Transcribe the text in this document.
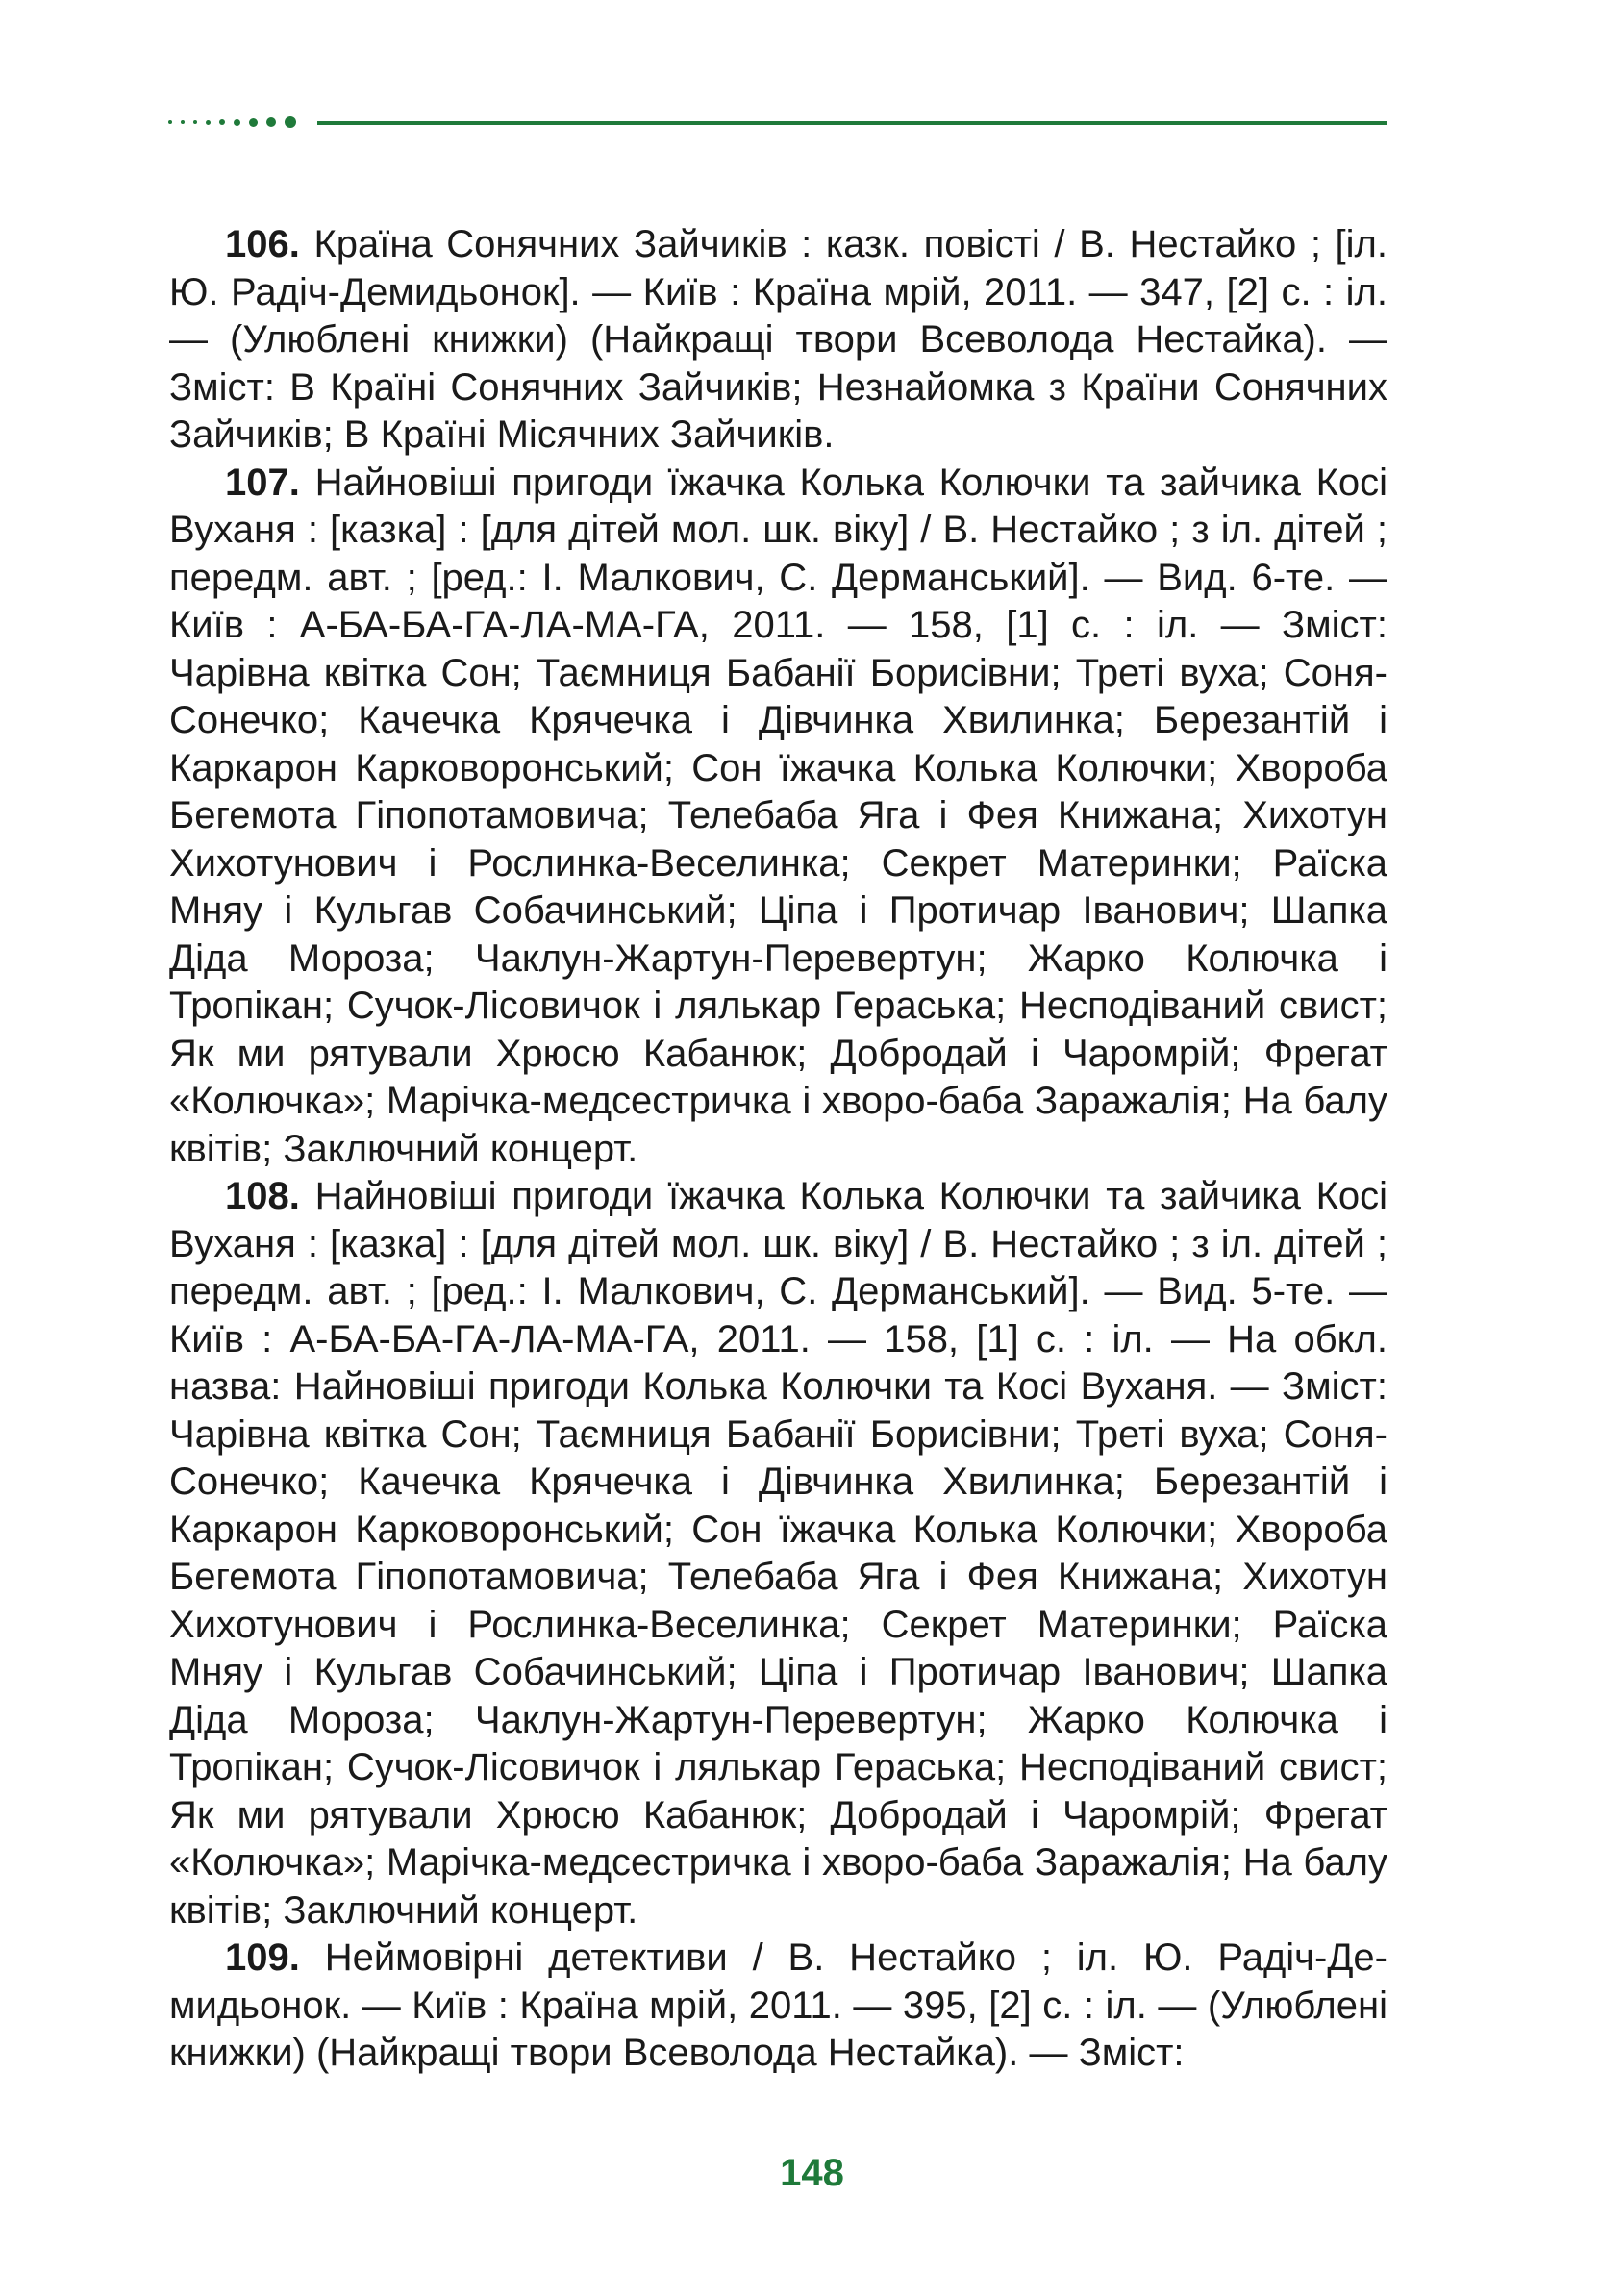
106. Країна Сонячних Зайчиків : казк. повісті / В. Нестайко ; [іл. Ю. Радіч-Демидьонок]. — Київ : Країна мрій, 2011. — 347, [2] с. : іл. — (Улюблені книжки) (Найкращі твори Всеволода Нестайка). — Зміст: В Країні Сонячних Зайчиків; Незнайомка з Країни Сонячних Зайчиків; В Країні Місячних Зайчиків.

107. Найновіші пригоди їжачка Колька Колючки та зайчика Косі Вуханя : [казка] : [для дітей мол. шк. віку] / В. Нестайко ; з іл. дітей ; передм. авт. ; [ред.: І. Малкович, С. Дерманський]. — Вид. 6-те. — Київ : А-БА-БА-ГА-ЛА-МА-ГА, 2011. — 158, [1] с. : іл. — Зміст: Чарівна квітка Сон; Таємниця Бабанії Борисівни; Треті вуха; Соня-Сонечко; Качечка Крячечка і Дівчинка Хвилинка; Березантій і Каркарон Карковоронський; Сон їжачка Колька Колючки; Хвороба Бегемота Гіпопотамовича; Телебаба Яга і Фея Книжана; Хихотун Хихотунович і Рослинка-Веселинка; Секрет Материнки; Раїска Мняу і Кульгав Собачинський; Ціпа і Протичар Іванович; Шапка Діда Мороза; Чаклун-Жартун-Перевертун; Жарко Колючка і Тропікан; Сучок-Лісовичок і лялькар Гераська; Несподіваний свист; Як ми рятували Хрюсю Кабанюк; Добродай і Чаромрій; Фрегат «Колючка»; Марічка-медсестричка і хворо-баба Заражалія; На балу квітів; Заключний концерт.

108. Найновіші пригоди їжачка Колька Колючки та зайчика Косі Вуханя : [казка] : [для дітей мол. шк. віку] / В. Нестайко ; з іл. дітей ; передм. авт. ; [ред.: І. Малкович, С. Дерманський]. — Вид. 5-те. — Київ : А-БА-БА-ГА-ЛА-МА-ГА, 2011. — 158, [1] с. : іл. — На обкл. назва: Найновіші пригоди Колька Колючки та Косі Вуханя. — Зміст: Чарівна квітка Сон; Таємниця Бабанії Борисівни; Треті вуха; Соня-Сонечко; Качечка Крячечка і Дівчинка Хвилинка; Березантій і Каркарон Карковоронський; Сон їжачка Колька Колючки; Хвороба Бегемота Гіпопотамовича; Телебаба Яга і Фея Книжана; Хихотун Хихотунович і Рослинка-Веселинка; Секрет Материнки; Раїска Мняу і Кульгав Собачинський; Ціпа і Протичар Іванович; Шапка Діда Мороза; Чаклун-Жартун-Перевертун; Жарко Колючка і Тропікан; Сучок-Лісовичок і лялькар Гераська; Несподіваний свист; Як ми рятували Хрюсю Кабанюк; Добродай і Чаромрій; Фрегат «Колючка»; Марічка-медсестричка і хворо-баба Заражалія; На балу квітів; Заключний концерт.

109. Неймовірні детективи / В. Нестайко ; іл. Ю. Радіч-Демидьонок. — Київ : Країна мрій, 2011. — 395, [2] с. : іл. — (Улюблені книжки) (Найкращі твори Всеволода Нестайка). — Зміст:

148
